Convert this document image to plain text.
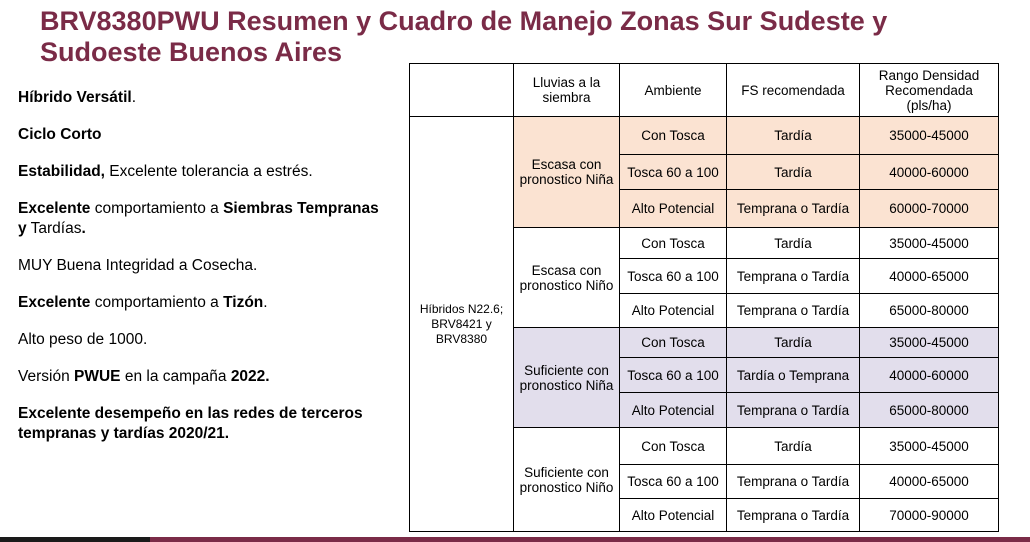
BRV8380PWU Resumen y Cuadro de Manejo Zonas Sur Sudeste y Sudoeste Buenos Aires

Híbrido Versátil.

Ciclo Corto

Estabilidad, Excelente tolerancia a estrés.

Excelente comportamiento a Siembras Tempranas y Tardías.

MUY Buena Integridad a Cosecha.

Excelente comportamiento a Tizón.

Alto peso de 1000.

Versión PWUE en la campaña 2022.

Excelente desempeño en las redes de terceros tempranas y tardías 2020/21.

	Lluvias a la siembra	Ambiente	FS recomendada	Rango Densidad Recomendada (pls/ha)
Híbridos N22.6;
BRV8421 y
BRV8380	Escasa con pronostico Niña	Con Tosca	Tardía	35000-45000
		Tosca 60 a 100	Tardía	40000-60000
		Alto Potencial	Temprana o Tardía	60000-70000
	Escasa con pronostico Niño	Con Tosca	Tardía	35000-45000
		Tosca 60 a 100	Temprana o Tardía	40000-65000
		Alto Potencial	Temprana o Tardía	65000-80000
	Suficiente con pronostico Niña	Con Tosca	Tardía	35000-45000
		Tosca 60 a 100	Tardía o Temprana	40000-60000
		Alto Potencial	Temprana o Tardía	65000-80000
	Suficiente con pronostico Niño	Con Tosca	Tardía	35000-45000
		Tosca 60 a 100	Temprana o Tardía	40000-65000
		Alto Potencial	Temprana o Tardía	70000-90000
